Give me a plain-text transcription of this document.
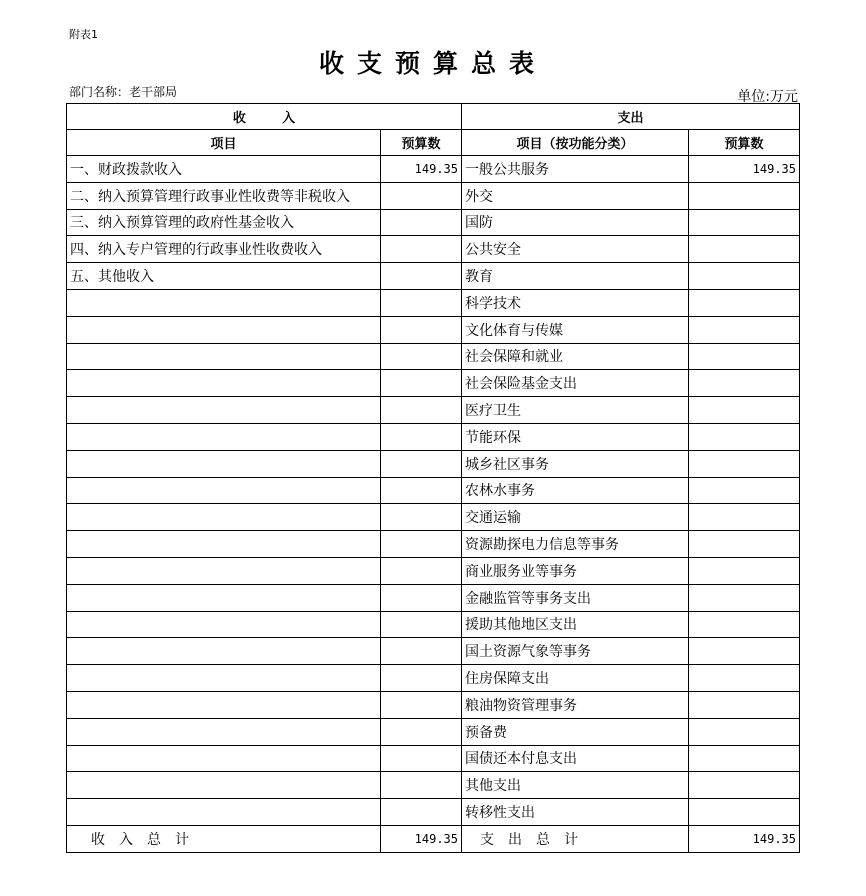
附表1
收支预算总表
部门名称：老干部局	单位:万元
收        入		支出	
项目	预算数	项目（按功能分类）	预算数
一、财政拨款收入	149.35	一般公共服务	149.35
二、纳入预算管理行政事业性收费等非税收入		外交	
三、纳入预算管理的政府性基金收入		国防	
四、纳入专户管理的行政事业性收费收入		公共安全	
五、其他收入		教育	
		科学技术	
		文化体育与传媒	
		社会保障和就业	
		社会保险基金支出	
		医疗卫生	
		节能环保	
		城乡社区事务	
		农林水事务	
		交通运输	
		资源勘探电力信息等事务	
		商业服务业等事务	
		金融监管等事务支出	
		援助其他地区支出	
		国土资源气象等事务	
		住房保障支出	
		粮油物资管理事务	
		预备费	
		国债还本付息支出	
		其他支出	
		转移性支出	
收入总计	149.35	支出总计	149.35
